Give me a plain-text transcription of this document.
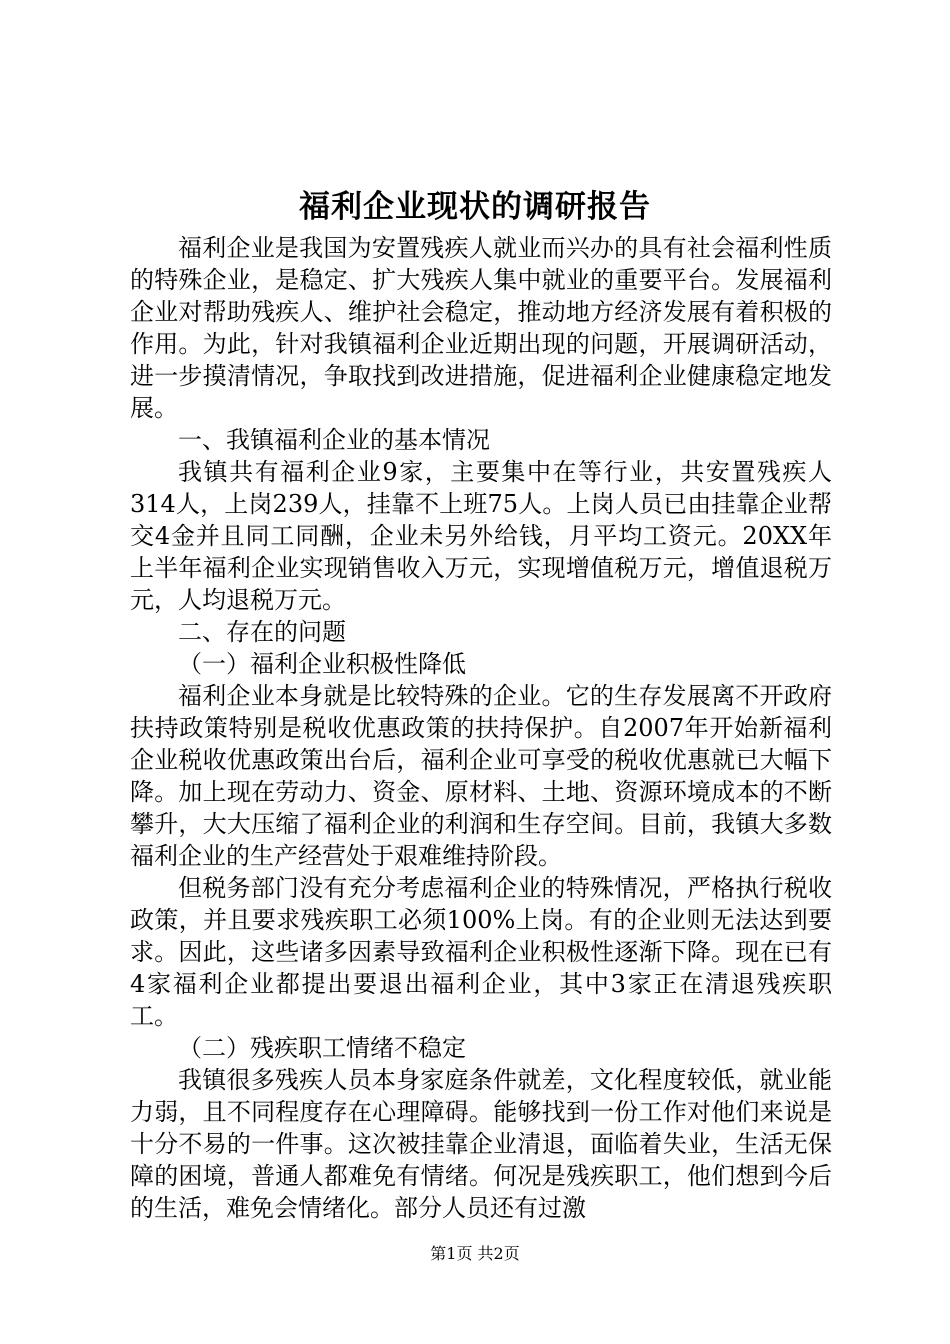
福利企业现状的调研报告

福利企业是我国为安置残疾人就业而兴办的具有社会福利性质的特殊企业，是稳定、扩大残疾人集中就业的重要平台。发展福利企业对帮助残疾人、维护社会稳定，推动地方经济发展有着积极的作用。为此，针对我镇福利企业近期出现的问题，开展调研活动，进一步摸清情况，争取找到改进措施，促进福利企业健康稳定地发展。

一、我镇福利企业的基本情况

我镇共有福利企业9家，主要集中在等行业，共安置残疾人314人，上岗239人，挂靠不上班75人。上岗人员已由挂靠企业帮交4金并且同工同酬，企业未另外给钱，月平均工资元。20XX年上半年福利企业实现销售收入万元，实现增值税万元，增值退税万元，人均退税万元。

二、存在的问题

（一）福利企业积极性降低

福利企业本身就是比较特殊的企业。它的生存发展离不开政府扶持政策特别是税收优惠政策的扶持保护。自2007年开始新福利企业税收优惠政策出台后，福利企业可享受的税收优惠就已大幅下降。加上现在劳动力、资金、原材料、土地、资源环境成本的不断攀升，大大压缩了福利企业的利润和生存空间。目前，我镇大多数福利企业的生产经营处于艰难维持阶段。

但税务部门没有充分考虑福利企业的特殊情况，严格执行税收政策，并且要求残疾职工必须100%上岗。有的企业则无法达到要求。因此，这些诸多因素导致福利企业积极性逐渐下降。现在已有4家福利企业都提出要退出福利企业，其中3家正在清退残疾职工。

（二）残疾职工情绪不稳定

我镇很多残疾人员本身家庭条件就差，文化程度较低，就业能力弱，且不同程度存在心理障碍。能够找到一份工作对他们来说是十分不易的一件事。这次被挂靠企业清退，面临着失业，生活无保障的困境，普通人都难免有情绪。何况是残疾职工，他们想到今后的生活，难免会情绪化。部分人员还有过激

第1页 共2页
